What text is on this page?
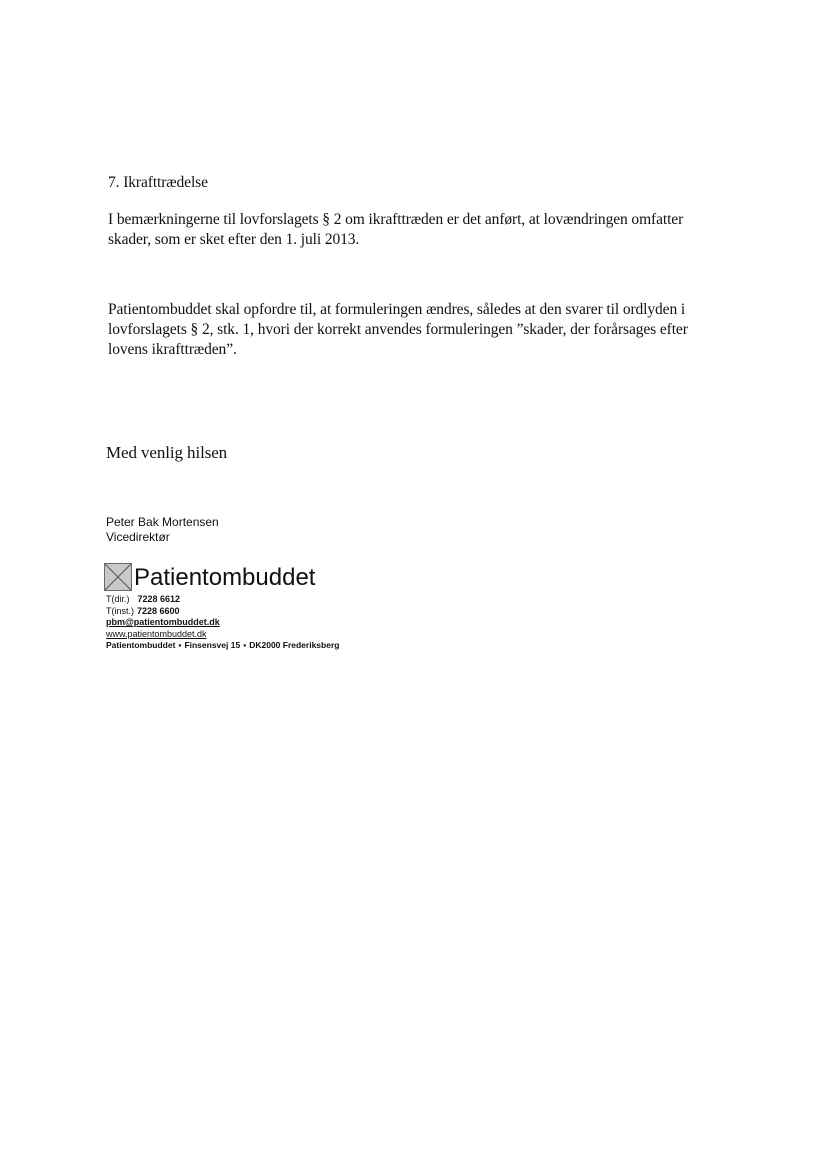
7. Ikrafttrædelse
I bemærkningerne til lovforslagets § 2 om ikrafttræden er det anført, at lovændringen omfatter skader, som er sket efter den 1. juli 2013.
Patientombuddet skal opfordre til, at formuleringen ændres, således at den svarer til ordlyden i lovforslagets § 2, stk. 1, hvori der korrekt anvendes formuleringen ”skader, der forårsages efter lovens ikrafttræden”.
Med venlig hilsen
Peter Bak Mortensen
Vicedirektør
Patientombuddet
T(dir.) 7228 6612
T(inst.) 7228 6600
pbm@patientombuddet.dk
www.patientombuddet.dk
Patientombuddet ▪ Finsensvej 15 ▪ DK2000 Frederiksberg
